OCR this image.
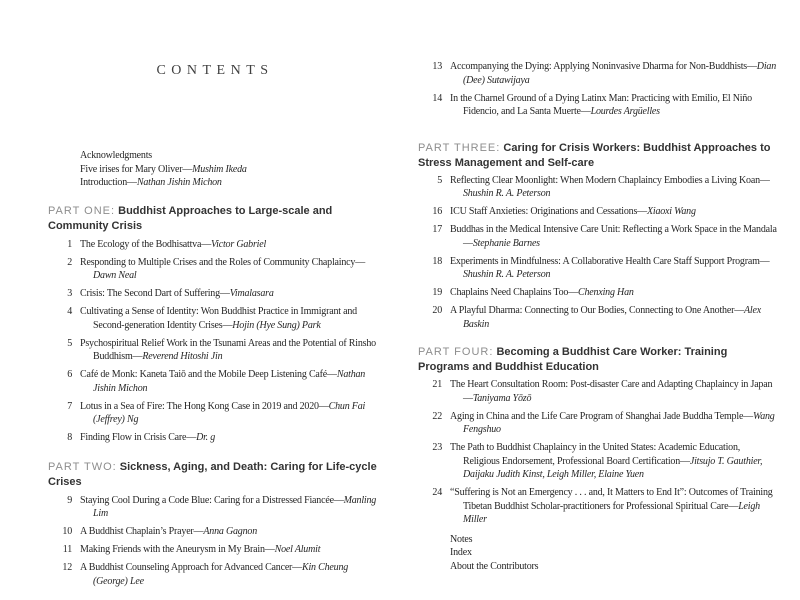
CONTENTS
Acknowledgments
Five irises for Mary Oliver—Mushim Ikeda
Introduction—Nathan Jishin Michon
PART ONE: Buddhist Approaches to Large-scale and Community Crisis
1 The Ecology of the Bodhisattva—Victor Gabriel
2 Responding to Multiple Crises and the Roles of Community Chaplaincy—Dawn Neal
3 Crisis: The Second Dart of Suffering—Vimalasara
4 Cultivating a Sense of Identity: Won Buddhist Practice in Immigrant and Second-generation Identity Crises—Hojin (Hye Sung) Park
5 Psychospiritual Relief Work in the Tsunami Areas and the Potential of Rinsho Buddhism—Reverend Hitoshi Jin
6 Café de Monk: Kaneta Taiō and the Mobile Deep Listening Café—Nathan Jishin Michon
7 Lotus in a Sea of Fire: The Hong Kong Case in 2019 and 2020—Chun Fai (Jeffrey) Ng
8 Finding Flow in Crisis Care—Dr. g
PART TWO: Sickness, Aging, and Death: Caring for Life-cycle Crises
9 Staying Cool During a Code Blue: Caring for a Distressed Fiancée—Manling Lim
10 A Buddhist Chaplain’s Prayer—Anna Gagnon
11 Making Friends with the Aneurysm in My Brain—Noel Alumit
12 A Buddhist Counseling Approach for Advanced Cancer—Kin Cheung (George) Lee
13 Accompanying the Dying: Applying Noninvasive Dharma for Non-Buddhists—Dian (Dee) Sutawijaya
14 In the Charnel Ground of a Dying Latinx Man: Practicing with Emilio, El Niño Fidencio, and La Santa Muerte—Lourdes Argüelles
PART THREE: Caring for Crisis Workers: Buddhist Approaches to Stress Management and Self-care
5 Reflecting Clear Moonlight: When Modern Chaplaincy Embodies a Living Koan—Shushin R. A. Peterson
16 ICU Staff Anxieties: Originations and Cessations—Xiaoxi Wang
17 Buddhas in the Medical Intensive Care Unit: Reflecting a Work Space in the Mandala—Stephanie Barnes
18 Experiments in Mindfulness: A Collaborative Health Care Staff Support Program—Shushin R. A. Peterson
19 Chaplains Need Chaplains Too—Chenxing Han
20 A Playful Dharma: Connecting to Our Bodies, Connecting to One Another—Alex Baskin
PART FOUR: Becoming a Buddhist Care Worker: Training Programs and Buddhist Education
21 The Heart Consultation Room: Post-disaster Care and Adapting Chaplaincy in Japan—Taniyama Yōzō
22 Aging in China and the Life Care Program of Shanghai Jade Buddha Temple—Wang Fengshuo
23 The Path to Buddhist Chaplaincy in the United States: Academic Education, Religious Endorsement, Professional Board Certification—Jitsujo T. Gauthier, Daijaku Judith Kinst, Leigh Miller, Elaine Yuen
24 “Suffering is Not an Emergency . . . and, It Matters to End It”: Outcomes of Training Tibetan Buddhist Scholar-practitioners for Professional Spiritual Care—Leigh Miller
Notes
Index
About the Contributors
